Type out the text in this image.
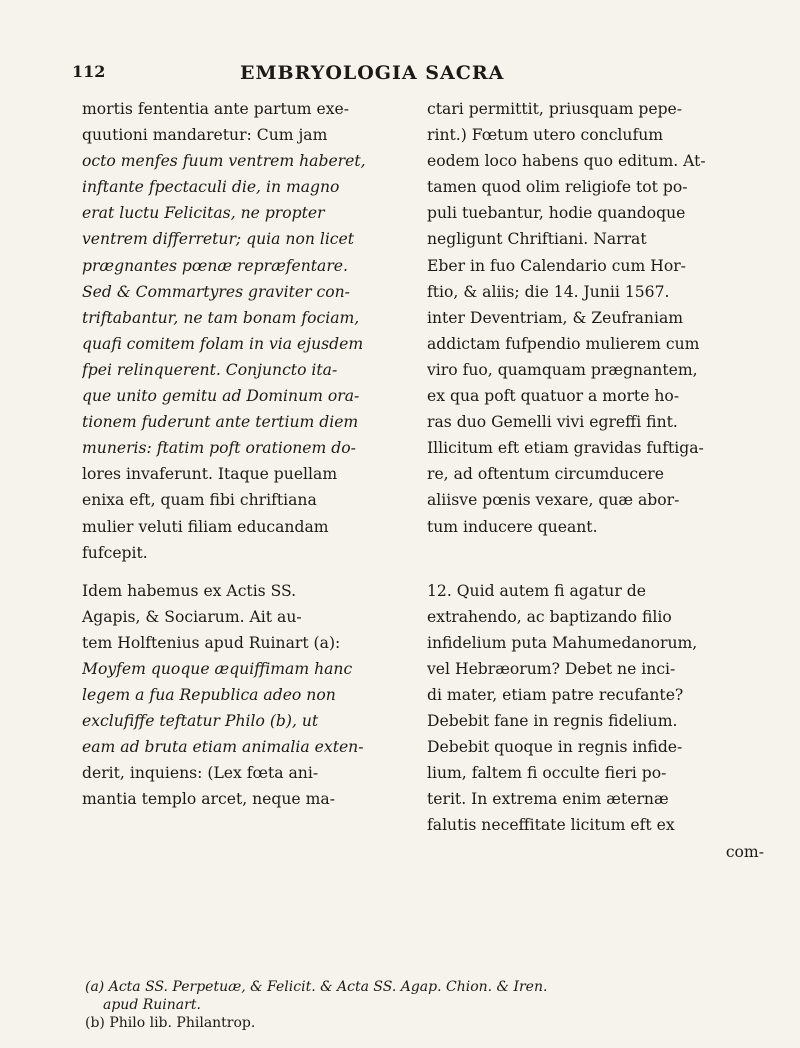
112	EMBRYOLOGIA SACRA

mortis fententia ante partum exe-
quutioni mandaretur: Cum jam
octo menfes fuum ventrem haberet,
inftante fpectaculi die, in magno
erat luctu Felicitas, ne propter
ventrem differretur; quia non licet
prægnantes pœnæ repræfentare.
Sed & Commartyres graviter con-
triftabantur, ne tam bonam fociam,
quafi comitem folam in via ejusdem
fpei relinquerent. Conjuncto ita-
que unito gemitu ad Dominum ora-
tionem fuderunt ante tertium diem
muneris: ftatim poft orationem do-
lores invaferunt. Itaque puellam
enixa eft, quam fibi chriftiana
mulier veluti filiam educandam
fufcepit.

Idem habemus ex Actis SS.
Agapis, & Sociarum. Ait au-
tem Holftenius apud Ruinart (a):
Moyfem quoque æquiffimam hanc
legem a fua Republica adeo non
exclufiffe teftatur Philo (b), ut
eam ad bruta etiam animalia exten-
derit, inquiens: (Lex fœta ani-
mantia templo arcet, neque ma-

ctari permittit, priusquam pepe-
rint.) Fœtum utero conclufum
eodem loco habens quo editum. At-
tamen quod olim religiofe tot po-
puli tuebantur, hodie quandoque
negligunt Chriftiani. Narrat
Eber in fuo Calendario cum Hor-
ftio, & aliis; die 14. Junii 1567.
inter Deventriam, & Zeufraniam
addictam fufpendio mulierem cum
viro fuo, quamquam prægnantem,
ex qua poft quatuor a morte ho-
ras duo Gemelli vivi egreffi fint.
Illicitum eft etiam gravidas fuftiga-
re, ad oftentum circumducere
aliisve pœnis vexare, quæ abor-
tum inducere queant.

12. Quid autem fi agatur de
extrahendo, ac baptizando filio
infidelium puta Mahumedanorum,
vel Hebræorum? Debet ne inci-
di mater, etiam patre recufante?
Debebit fane in regnis fidelium.
Debebit quoque in regnis infide-
lium, faltem fi occulte fieri po-
terit. In extrema enim æternæ
falutis neceffitate licitum eft ex
com-

(a) Acta SS. Perpetuæ, & Felicit. & Acta SS. Agap. Chion. & Iren.
apud Ruinart.
(b) Philo lib. Philantrop.
